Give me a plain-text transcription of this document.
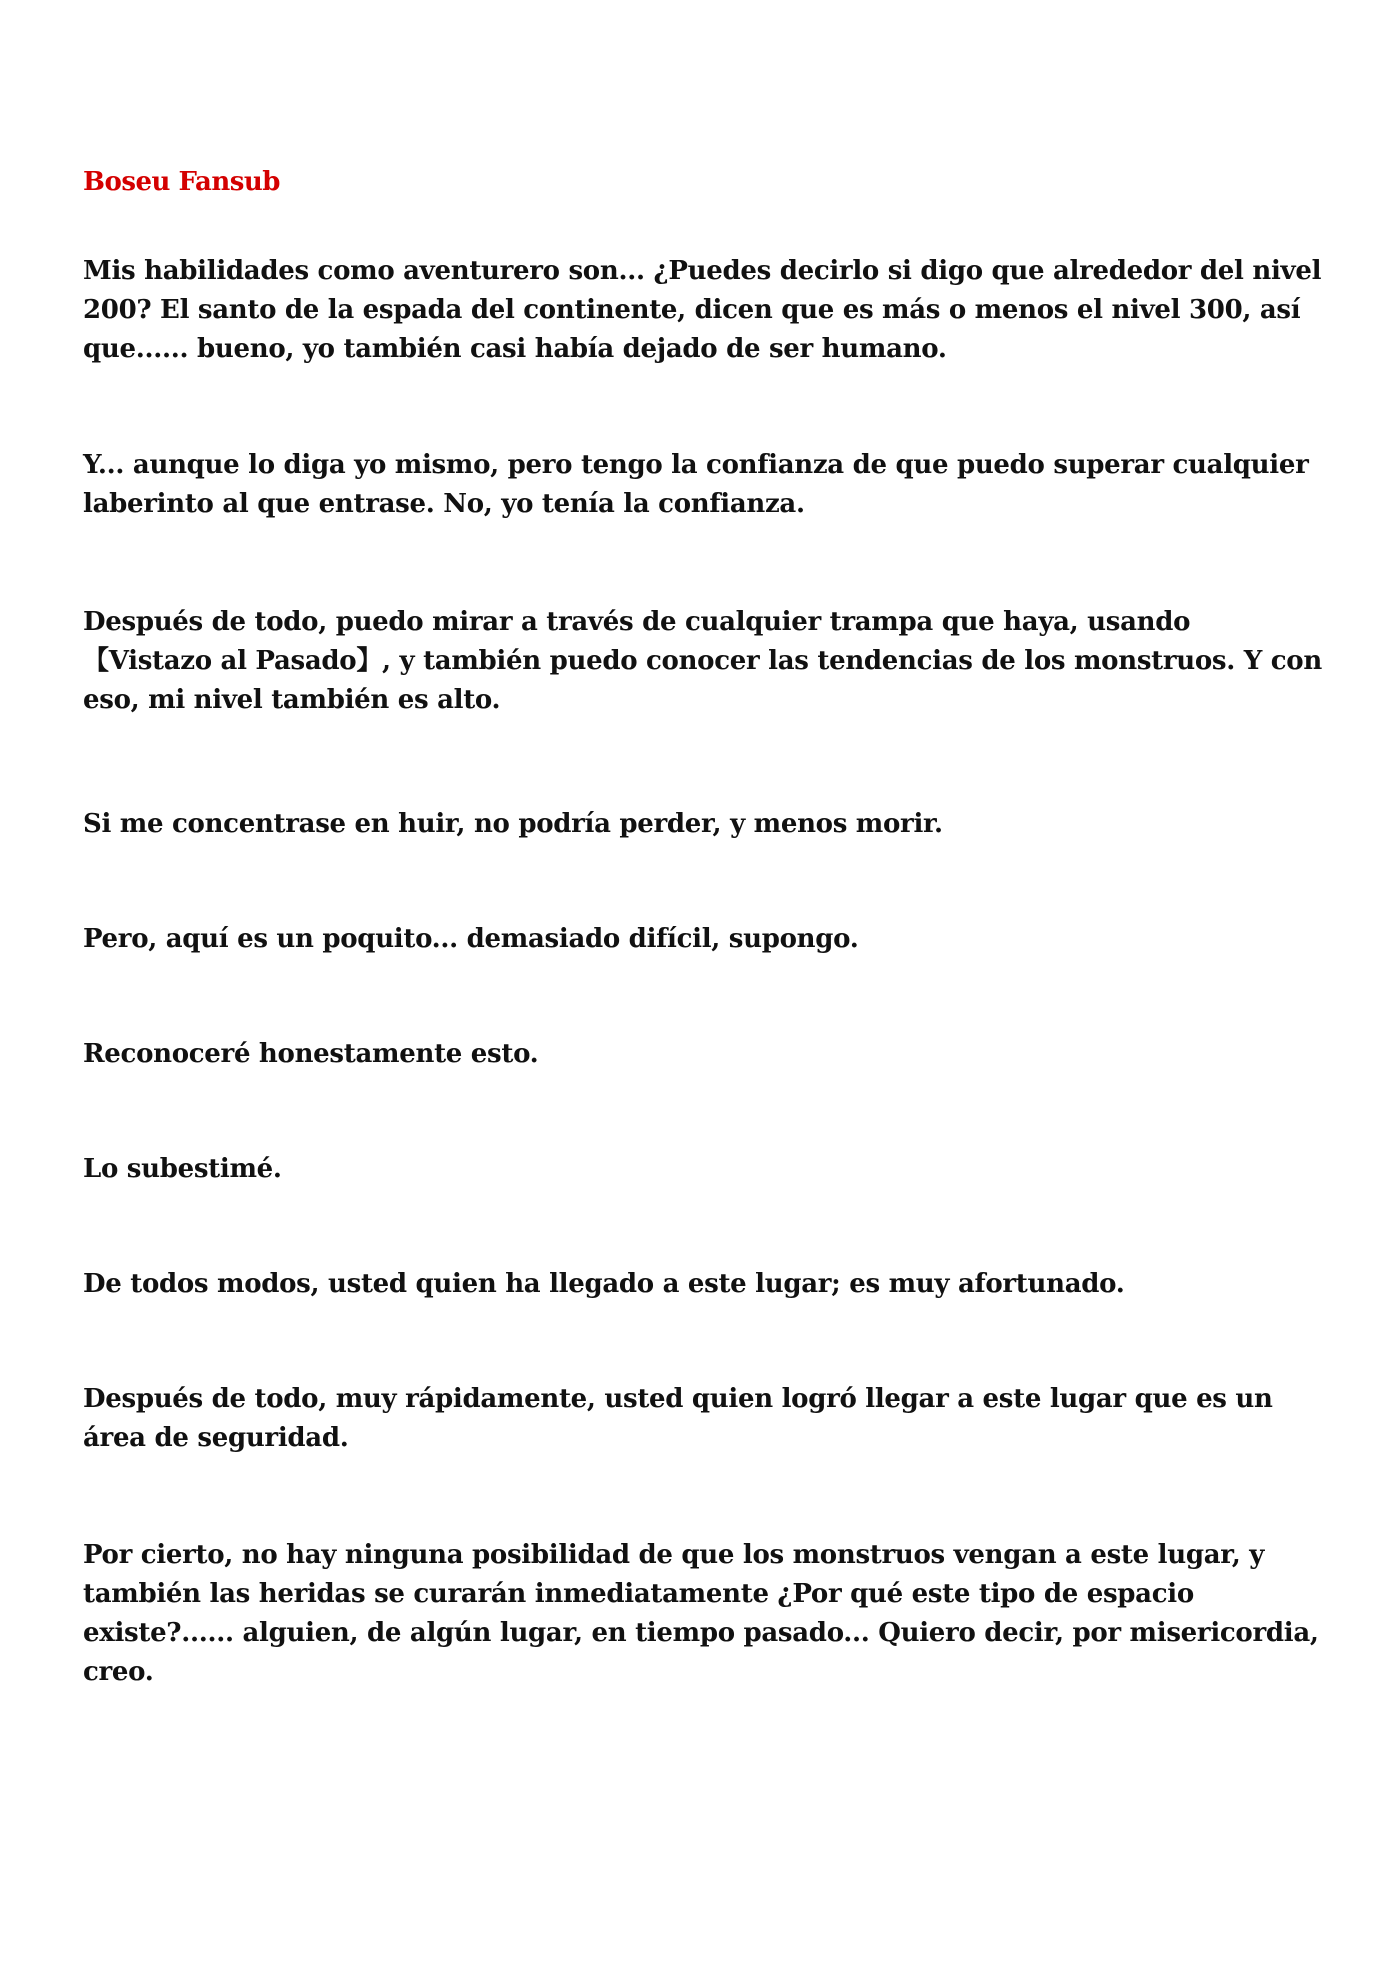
Boseu Fansub

Mis habilidades como aventurero son... ¿Puedes decirlo si digo que alrededor del nivel 200? El santo de la espada del continente, dicen que es más o menos el nivel 300, así que...... bueno, yo también casi había dejado de ser humano.

Y... aunque lo diga yo mismo, pero tengo la confianza de que puedo superar cualquier laberinto al que entrase. No, yo tenía la confianza.

Después de todo, puedo mirar a través de cualquier trampa que haya, usando 【Vistazo al Pasado】, y también puedo conocer las tendencias de los monstruos. Y con eso, mi nivel también es alto.

Si me concentrase en huir, no podría perder, y menos morir.

Pero, aquí es un poquito... demasiado difícil, supongo.

Reconoceré honestamente esto.

Lo subestimé.

De todos modos, usted quien ha llegado a este lugar; es muy afortunado.

Después de todo, muy rápidamente, usted quien logró llegar a este lugar que es un área de seguridad.

Por cierto, no hay ninguna posibilidad de que los monstruos vengan a este lugar, y también las heridas se curarán inmediatamente ¿Por qué este tipo de espacio existe?...... alguien, de algún lugar, en tiempo pasado... Quiero decir, por misericordia, creo.
